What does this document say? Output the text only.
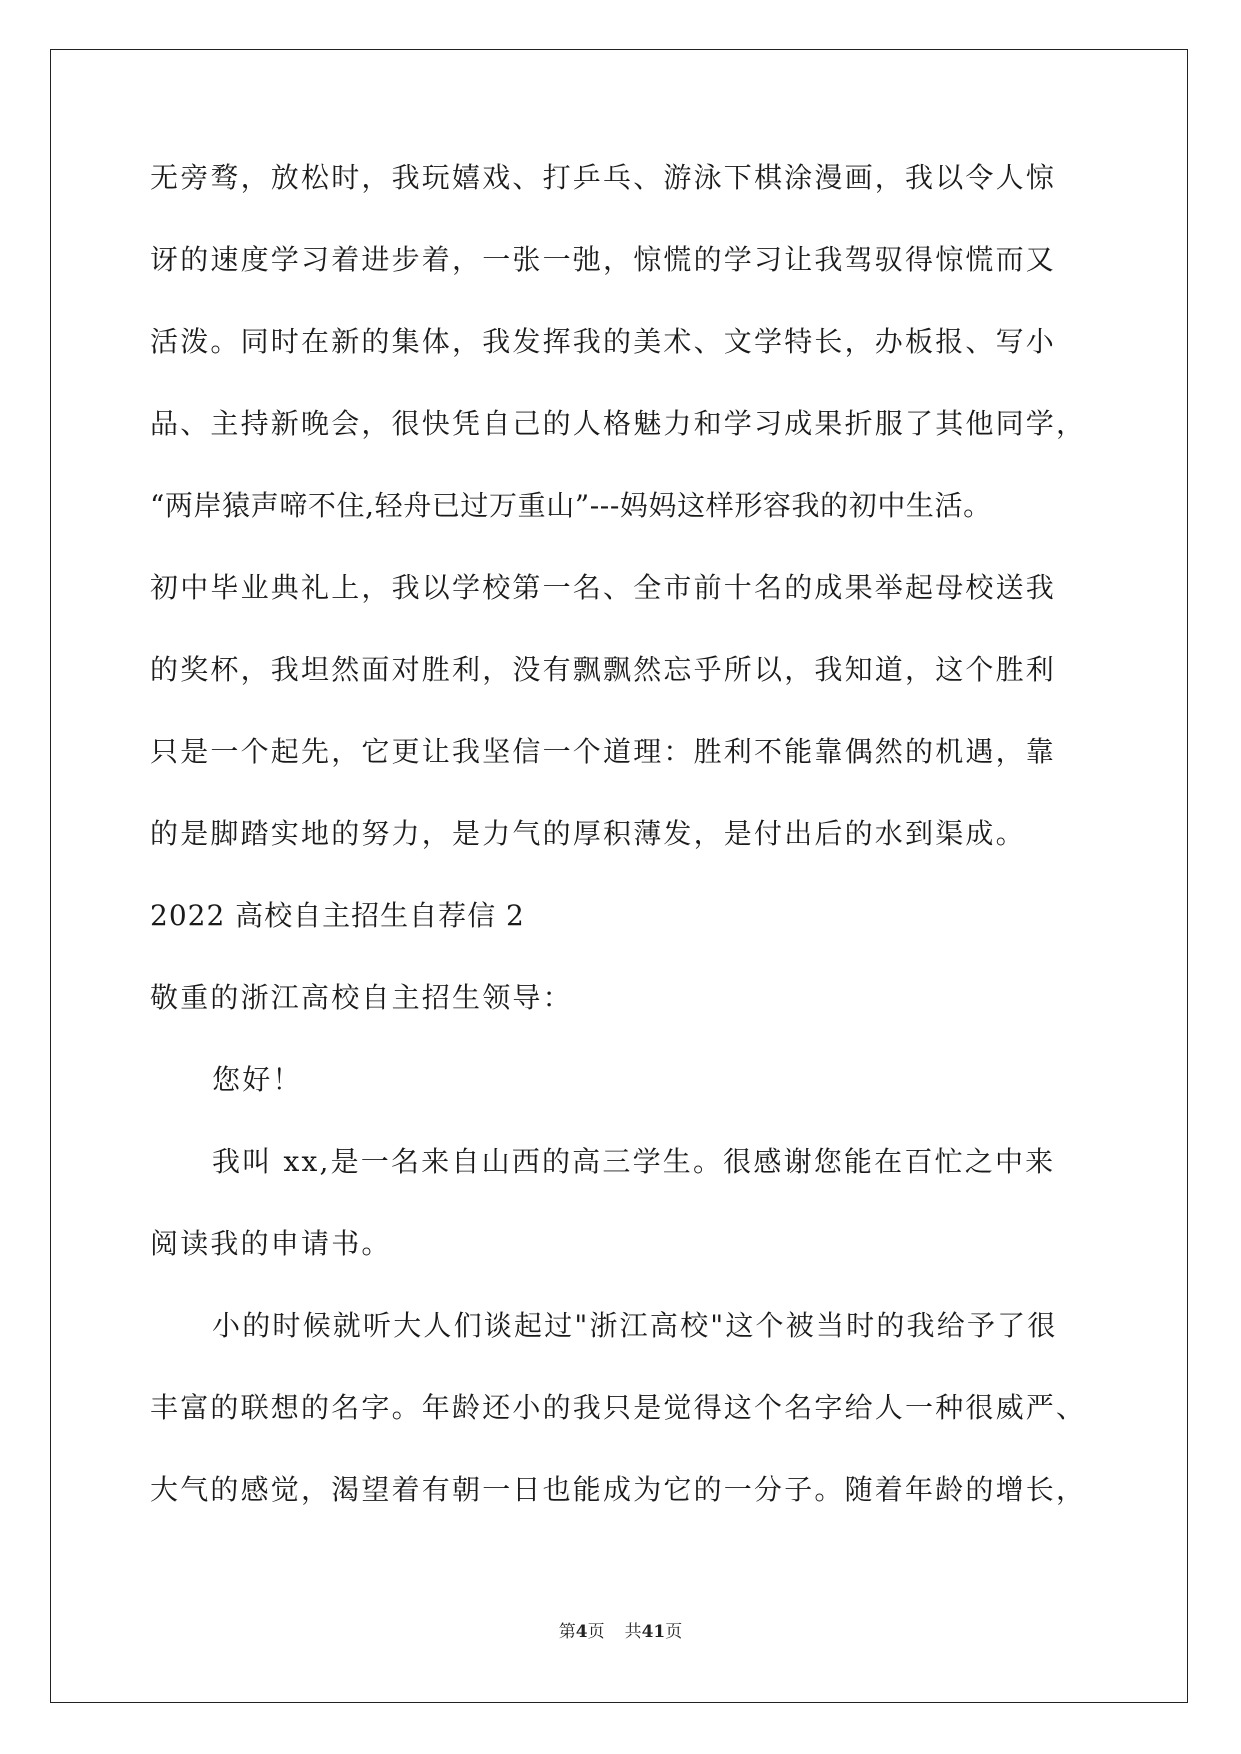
无旁骛，放松时，我玩嬉戏、打乒乓、游泳下棋涂漫画，我以令人惊
讶的速度学习着进步着，一张一弛，惊慌的学习让我驾驭得惊慌而又
活泼。同时在新的集体，我发挥我的美术、文学特长，办板报、写小
品、主持新晚会，很快凭自己的人格魅力和学习成果折服了其他同学，
“两岸猿声啼不住,轻舟已过万重山”---妈妈这样形容我的初中生活。
初中毕业典礼上，我以学校第一名、全市前十名的成果举起母校送我
的奖杯，我坦然面对胜利，没有飘飘然忘乎所以，我知道，这个胜利
只是一个起先，它更让我坚信一个道理：胜利不能靠偶然的机遇，靠
的是脚踏实地的努力，是力气的厚积薄发，是付出后的水到渠成。
2022 高校自主招生自荐信 2
敬重的浙江高校自主招生领导：
您好！
我叫 xx,是一名来自山西的高三学生。很感谢您能在百忙之中来
阅读我的申请书。
小的时候就听大人们谈起过"浙江高校"这个被当时的我给予了很
丰富的联想的名字。年龄还小的我只是觉得这个名字给人一种很威严、
大气的感觉，渴望着有朝一日也能成为它的一分子。随着年龄的增长，
第4页 共41页
